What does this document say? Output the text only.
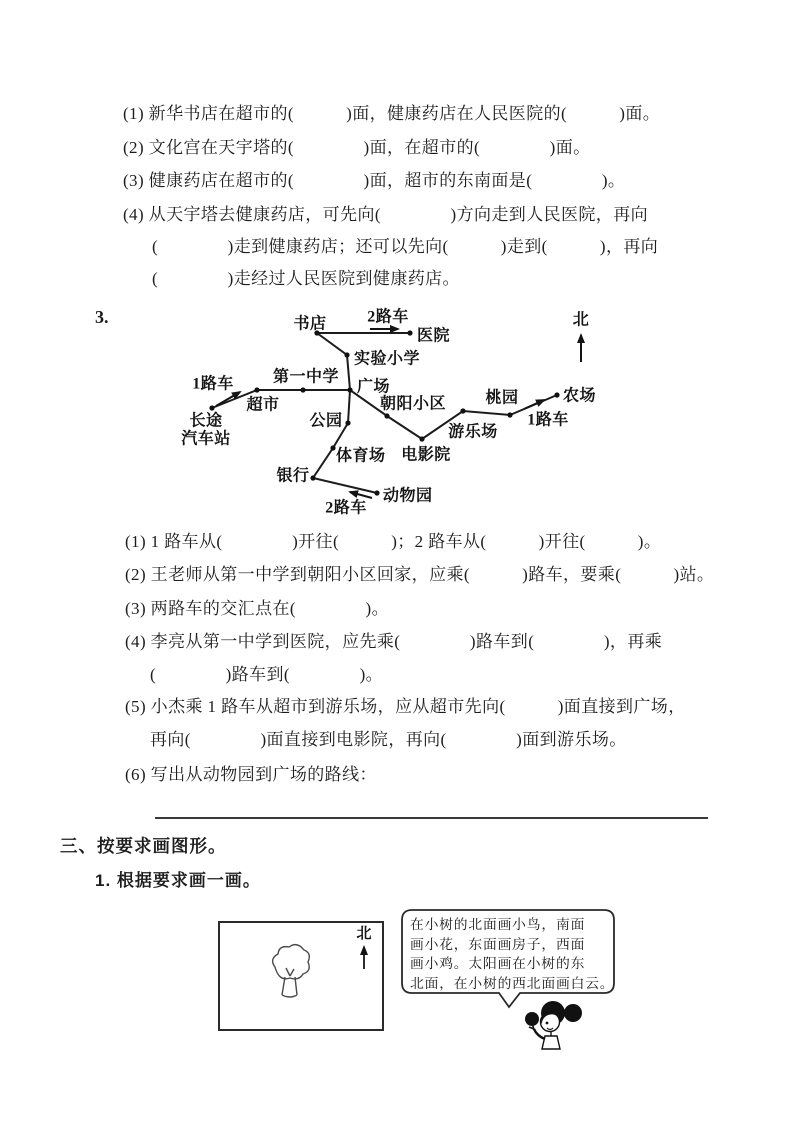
(1) 新华书店在超市的(　　　)面，健康药店在人民医院的(　　　)面。
(2) 文化宫在天宇塔的(　　　　)面，在超市的(　　　　)面。
(3) 健康药店在超市的(　　　　)面，超市的东南面是(　　　　)。
(4) 从天宇塔去健康药店，可先向(　　　　)方向走到人民医院，再向
(　　　　)走到健康药店；还可以先向(　　　)走到(　　　)，再向
(　　　　)走经过人民医院到健康药店。
3.	书店	2路车
医院
实验小学
第一中学
广场
超市
1路车
长途
汽车站
朝阳小区
电影院
游乐场
桃园	农场
1路车
公园
体育场
银行
动物园
2路车
北
(1) 1 路车从(　　　　)开往(　　　)；2 路车从(　　　)开往(　　　)。
(2) 王老师从第一中学到朝阳小区回家，应乘(　　　)路车，要乘(　　　)站。
(3) 两路车的交汇点在(　　　　)。
(4) 李亮从第一中学到医院，应先乘(　　　　)路车到(　　　　)，再乘
(　　　　)路车到(　　　　)。
(5) 小杰乘 1 路车从超市到游乐场，应从超市先向(　　　)面直接到广场，
再向(　　　　)面直接到电影院，再向(　　　　)面到游乐场。
(6) 写出从动物园到广场的路线：
三、按要求画图形。
1. 根据要求画一画。
北
在小树的北面画小鸟，南面
画小花，东面画房子，西面
画小鸡。太阳画在小树的东
北面，在小树的西北面画白云。
